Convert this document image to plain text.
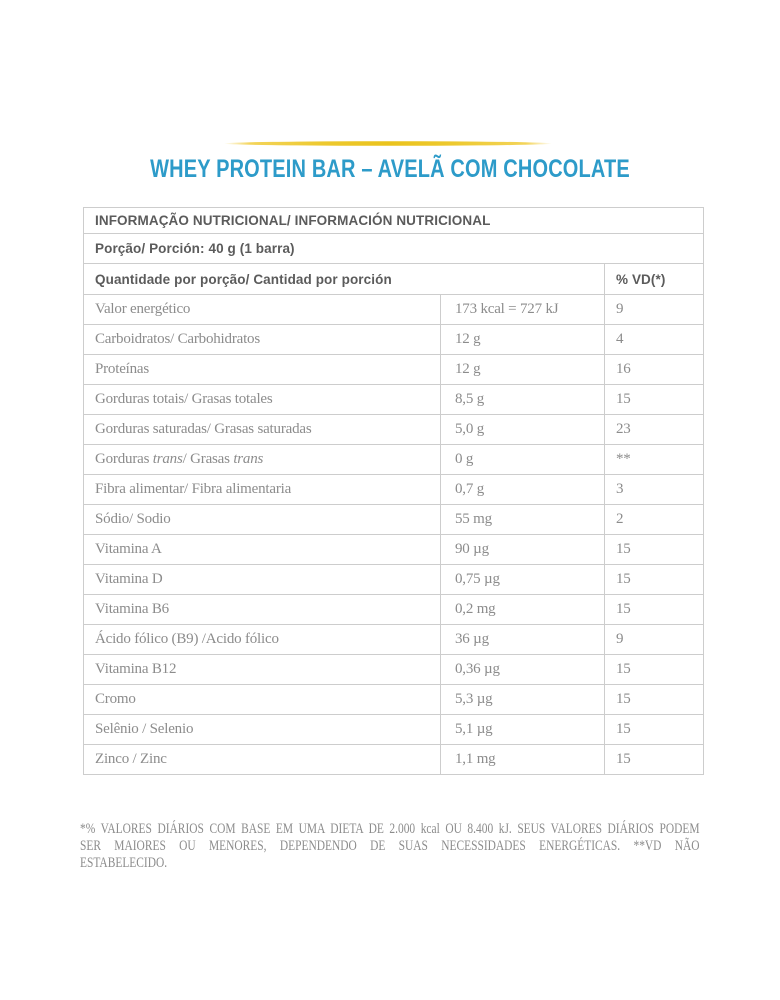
WHEY PROTEIN BAR – AVELÃ COM CHOCOLATE
INFORMAÇÃO NUTRICIONAL/ INFORMACIÓN NUTRICIONAL		
Porção/ Porción: 40 g (1 barra)		
Quantidade por porção/ Cantidad por porción		% VD(*)
Valor energético	173 kcal = 727 kJ	9
Carboidratos/ Carbohidratos	12 g	4
Proteínas	12 g	16
Gorduras totais/ Grasas totales	8,5 g	15
Gorduras saturadas/ Grasas saturadas	5,0 g	23
Gorduras trans/ Grasas trans	0 g	**
Fibra alimentar/ Fibra alimentaria	0,7 g	3
Sódio/ Sodio	55 mg	2
Vitamina A	90 µg	15
Vitamina D	0,75 µg	15
Vitamina B6	0,2 mg	15
Ácido fólico (B9) /Acido fólico	36 µg	9
Vitamina B12	0,36 µg	15
Cromo	5,3 µg	15
Selênio / Selenio	5,1 µg	15
Zinco / Zinc	1,1 mg	15
*% VALORES DIÁRIOS COM BASE EM UMA DIETA DE 2.000 kcal OU 8.400 kJ. SEUS VALORES DIÁRIOS PODEM
SER MAIORES OU MENORES, DEPENDENDO DE SUAS NECESSIDADES ENERGÉTICAS. **VD NÃO
ESTABELECIDO.
